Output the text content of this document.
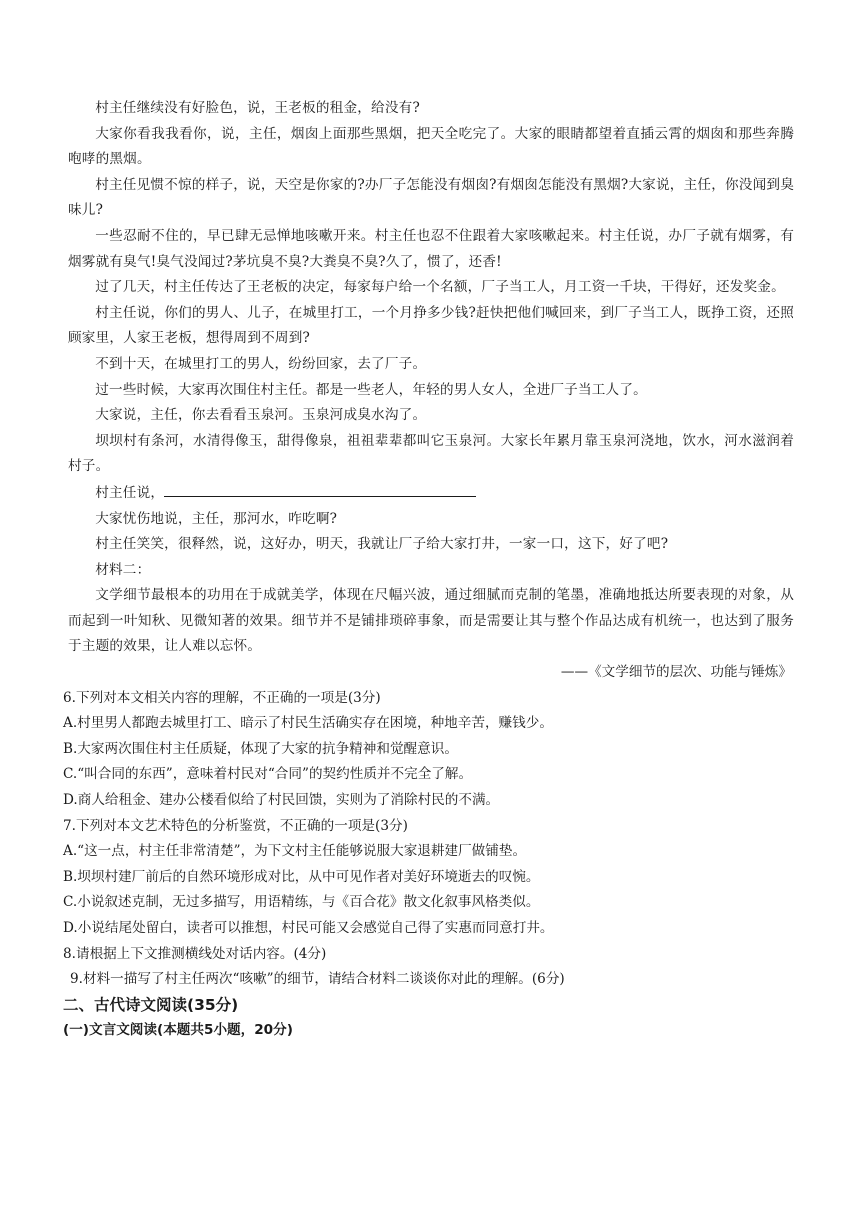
村主任继续没有好脸色，说，王老板的租金，给没有?

大家你看我我看你，说，主任，烟囱上面那些黑烟，把天全吃完了。大家的眼睛都望着直插云霄的烟囱和那些奔腾咆哮的黑烟。

村主任见惯不惊的样子，说，天空是你家的?办厂子怎能没有烟囱?有烟囱怎能没有黑烟?大家说，主任，你没闻到臭味儿?

一些忍耐不住的，早已肆无忌惮地咳嗽开来。村主任也忍不住跟着大家咳嗽起来。村主任说，办厂子就有烟雾，有烟雾就有臭气!臭气没闻过?茅坑臭不臭?大粪臭不臭?久了，惯了，还香!

过了几天，村主任传达了王老板的决定，每家每户给一个名额，厂子当工人，月工资一千块，干得好，还发奖金。

村主任说，你们的男人、儿子，在城里打工，一个月挣多少钱?赶快把他们喊回来，到厂子当工人，既挣工资，还照顾家里，人家王老板，想得周到不周到?

不到十天，在城里打工的男人，纷纷回家，去了厂子。

过一些时候，大家再次围住村主任。都是一些老人，年轻的男人女人，全进厂子当工人了。

大家说，主任，你去看看玉泉河。玉泉河成臭水沟了。

坝坝村有条河，水清得像玉，甜得像泉，祖祖辈辈都叫它玉泉河。大家长年累月靠玉泉河浇地，饮水，河水滋润着村子。

村主任说，

大家忧伤地说，主任，那河水，咋吃啊?

村主任笑笑，很释然，说，这好办，明天，我就让厂子给大家打井，一家一口，这下，好了吧?

材料二：

文学细节最根本的功用在于成就美学，体现在尺幅兴波，通过细腻而克制的笔墨，准确地抵达所要表现的对象，从而起到一叶知秋、见微知著的效果。细节并不是铺排琐碎事象，而是需要让其与整个作品达成有机统一，也达到了服务于主题的效果，让人难以忘怀。

——《文学细节的层次、功能与锤炼》

6.下列对本文相关内容的理解，不正确的一项是(3分)

A.村里男人都跑去城里打工、暗示了村民生活确实存在困境，种地辛苦，赚钱少。

B.大家两次围住村主任质疑，体现了大家的抗争精神和觉醒意识。

C.“叫合同的东西”，意味着村民对“合同”的契约性质并不完全了解。

D.商人给租金、建办公楼看似给了村民回馈，实则为了消除村民的不满。

7.下列对本文艺术特色的分析鉴赏，不正确的一项是(3分)

A.“这一点，村主任非常清楚”，为下文村主任能够说服大家退耕建厂做铺垫。

B.坝坝村建厂前后的自然环境形成对比，从中可见作者对美好环境逝去的叹惋。

C.小说叙述克制，无过多描写，用语精练，与《百合花》散文化叙事风格类似。

D.小说结尾处留白，读者可以推想，村民可能又会感觉自己得了实惠而同意打井。

8.请根据上下文推测横线处对话内容。(4分)

9.材料一描写了村主任两次“咳嗽”的细节，请结合材料二谈谈你对此的理解。(6分)

二、古代诗文阅读(35分)

(一)文言文阅读(本题共5小题，20分)
